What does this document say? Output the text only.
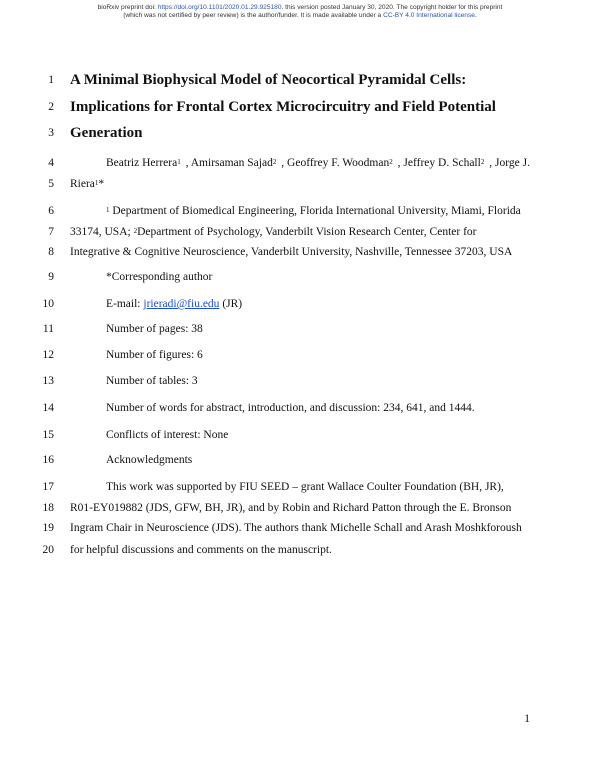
bioRxiv preprint doi: https://doi.org/10.1101/2020.01.29.925180. this version posted January 30, 2020. The copyright holder for this preprint
(which was not certified by peer review) is the author/funder. It is made available under a CC-BY 4.0 International license.
1
2
3
4
5
6
7
8
9
10
11
12
13
14
15
16
17
18
19
20
A Minimal Biophysical Model of Neocortical Pyramidal Cells:
Implications for Frontal Cortex Microcircuitry and Field Potential
Generation
Beatriz Herrera$^1$ , Amirsaman Sajad$^2$ , Geoffrey F. Woodman$^2$ , Jeffrey D. Schall$^2$ , Jorge J.
Riera$^1$*
$^1$ Department of Biomedical Engineering, Florida International University, Miami, Florida
33174, USA; $^2$Department of Psychology, Vanderbilt Vision Research Center, Center for
Integrative & Cognitive Neuroscience, Vanderbilt University, Nashville, Tennessee 37203, USA
*Corresponding author
E-mail: jrieradi@fiu.edu (JR)
Number of pages: 38
Number of figures: 6
Number of tables: 3
Number of words for abstract, introduction, and discussion: 234, 641, and 1444.
Conflicts of interest: None
Acknowledgments
This work was supported by FIU SEED – grant Wallace Coulter Foundation (BH, JR),
R01-EY019882 (JDS, GFW, BH, JR), and by Robin and Richard Patton through the E. Bronson
Ingram Chair in Neuroscience (JDS). The authors thank Michelle Schall and Arash Moshkforoush
for helpful discussions and comments on the manuscript.
1
